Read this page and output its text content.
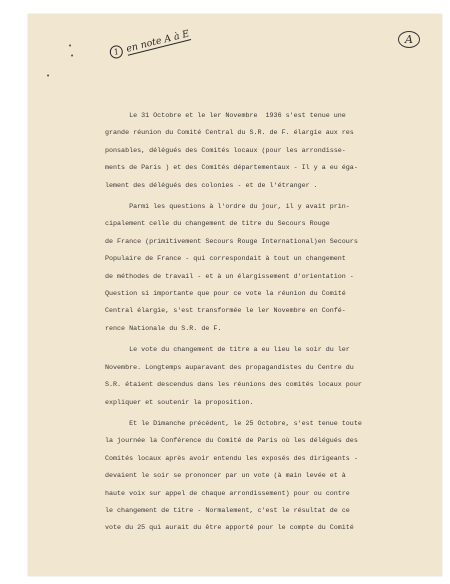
•
•
•
A
1 en note A à E
Le 31 Octobre et le ler Novembre  1936 s'est tenue une
grande réunion du Comité Central du S.R. de F. élargie aux res
ponsables, délégués des Comités locaux (pour les arrondisse-
ments de Paris ) et des Comités départementaux - Il y a eu éga-
lement des délégués des colonies - et de l'étranger .
Parmi les questions à l'ordre du jour, il y avait prin-
cipalement celle du changement de titre du Secours Rouge
de France (primitivement Secours Rouge International)en Secours
Populaire de France - qui correspondait à tout un changement
de méthodes de travail - et à un élargissement d'orientation -
Question si importante que pour ce vote la réunion du Comité
Central élargie, s'est transformée le ler Novembre en Confé-
rence Nationale du S.R. de F.
Le vote du changement de titre a eu lieu le soir du ler
Novembre. Longtemps auparavant des propagandistes du Centre du
S.R. étaient descendus dans les réunions des comités locaux pour
expliquer et soutenir la proposition.
Et le Dimanche précédent, le 25 Octobre, s'est tenue toute
la journée la Conférence du Comité de Paris où les délégués des
Comités locaux après avoir entendu les exposés des dirigeants -
devaient le soir se prononcer par un vote (à main levée et à
haute voix sur appel de chaque arrondissement) pour ou contre
le changement de titre - Normalement, c'est le résultat de ce
vote du 25 qui aurait du être apporté pour le compte du Comité
